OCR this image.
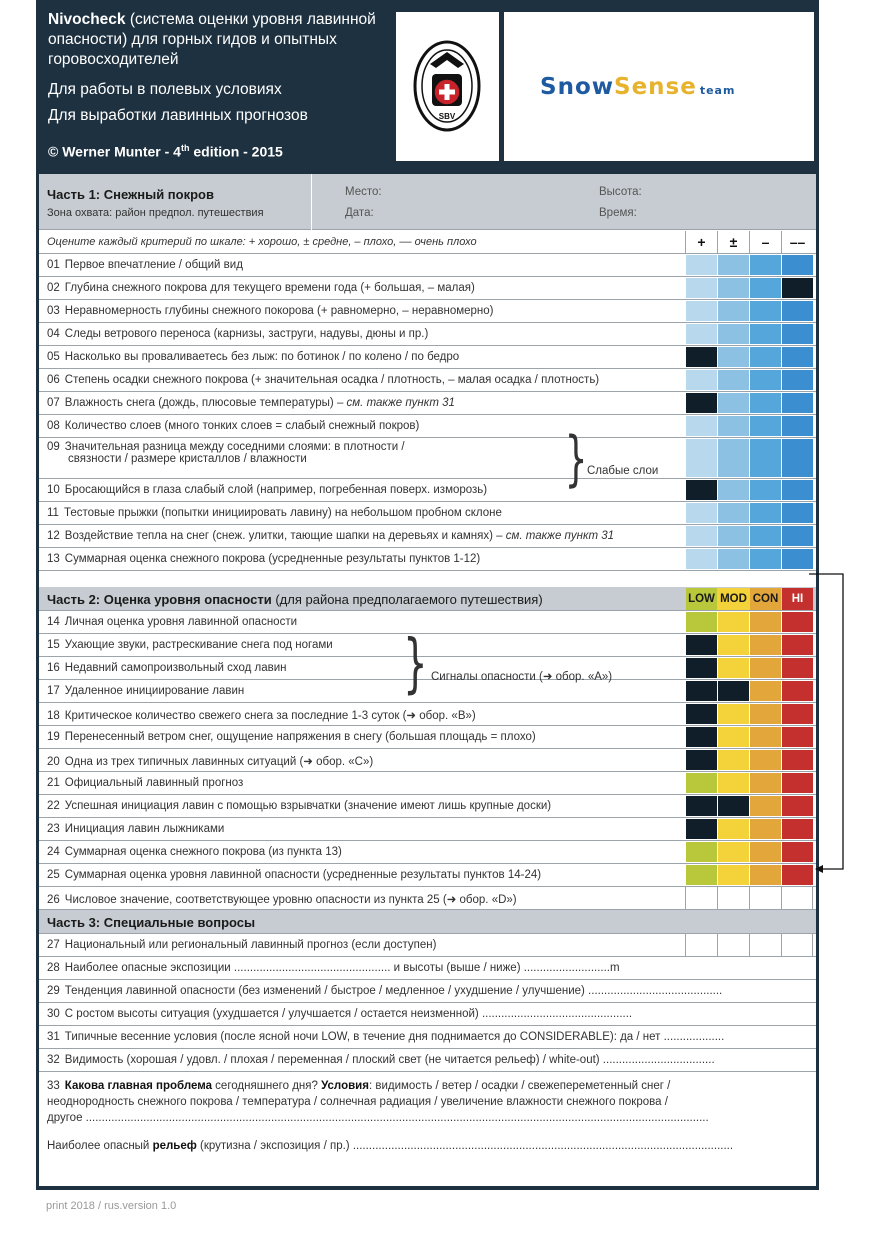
Nivocheck (система оценки уровня лавинной опасности) для горных гидов и опытных горовосходителей
Для работы в полевых условиях
Для выработки лавинных прогнозов
© Werner Munter - 4th edition - 2015
SBV
SnowSense team
Часть 1: Снежный покров
Зона охвата: район предпол. путешествия
Место:
Дата:
Высота:
Время:
Оцените каждый критерий по шкале: + хорошо, ± средне, – плохо, –– очень плохо	+	±	–	––
01 Первое впечатление / общий вид
02 Глубина снежного покрова для текущего времени года (+ большая, – малая)
03 Неравномерность глубины снежного покорова (+ равномерно, – неравномерно)
04 Следы ветрового переноса (карнизы, заструги, надувы, дюны и пр.)
05 Насколько вы проваливаетесь без лыж: по ботинок / по колено / по бедро
06 Степень осадки снежного покрова (+ значительная осадка / плотность, – малая осадка / плотность)
07 Влажность снега (дождь, плюсовые температуры) – см. также пункт 31
08 Количество слоев (много тонких слоев = слабый снежный покров)
09 Значительная разница между соседними слоями: в плотности /
связности / размере кристаллов / влажности
10 Бросающийся в глаза слабый слой (например, погребенная поверх. изморозь)
11 Тестовые прыжки (попытки инициировать лавину) на небольшом пробном склоне
12 Воздействие тепла на снег (снеж. улитки, тающие шапки на деревьях и камнях) – см. также пункт 31
13 Суммарная оценка снежного покрова (усредненные результаты пунктов 1-12)
} Слабые слои
Часть 2: Оценка уровня опасности (для района предполагаемого путешествия)	LOW MOD CON	HI
14 Личная оценка уровня лавинной опасности
15 Ухающие звуки, растрескивание снега под ногами
16 Недавний самопроизвольный сход лавин
17 Удаленное инициирование лавин
18 Критическое количество свежего снега за последние 1-3 суток (➜ обор. «B»)
19 Перенесенный ветром снег, ощущение напряжения в снегу (большая площадь = плохо)
20 Одна из трех типичных лавинных ситуаций (➜ обор. «C»)
21 Официальный лавинный прогноз
22 Успешная инициация лавин с помощью взрывчатки (значение имеют лишь крупные доски)
23 Инициация лавин лыжниками
24 Суммарная оценка снежного покрова (из пункта 13)
25 Суммарная оценка уровня лавинной опасности (усредненные результаты пунктов 14-24)
26 Числовое значение, соответствующее уровню опасности из пункта 25 (➜ обор. «D»)
} Сигналы опасности (➜ обор. «A»)
Часть 3: Специальные вопросы
27 Национальный или региональный лавинный прогноз (если доступен)
28 Наиболее опасные экспозиции ................................................. и высоты (выше / ниже) ...........................m
29 Тенденция лавинной опасности (без изменений / быстрое / медленное / ухудшение / улучшение) ..........................................
30 С ростом высоты ситуация (ухудшается / улучшается / остается неизменной) ...............................................
31 Типичные весенние условия (после ясной ночи LOW, в течение дня поднимается до CONSIDERABLE): да / нет ...................
32 Видимость (хорошая / удовл. / плохая / переменная / плоский свет (не читается рельеф) / white-out) ...................................
33 Какова главная проблема сегодняшнего дня? Условия: видимость / ветер / осадки / свежепереметенный снег /
неоднородность снежного покрова / температура / солнечная радиация / увеличение влажности снежного покрова /
другое ...................................................................................................................................................................................................
Наиболее опасный рельеф (крутизна / экспозиция / пр.) .......................................................................................................................
print 2018 / rus.version 1.0
